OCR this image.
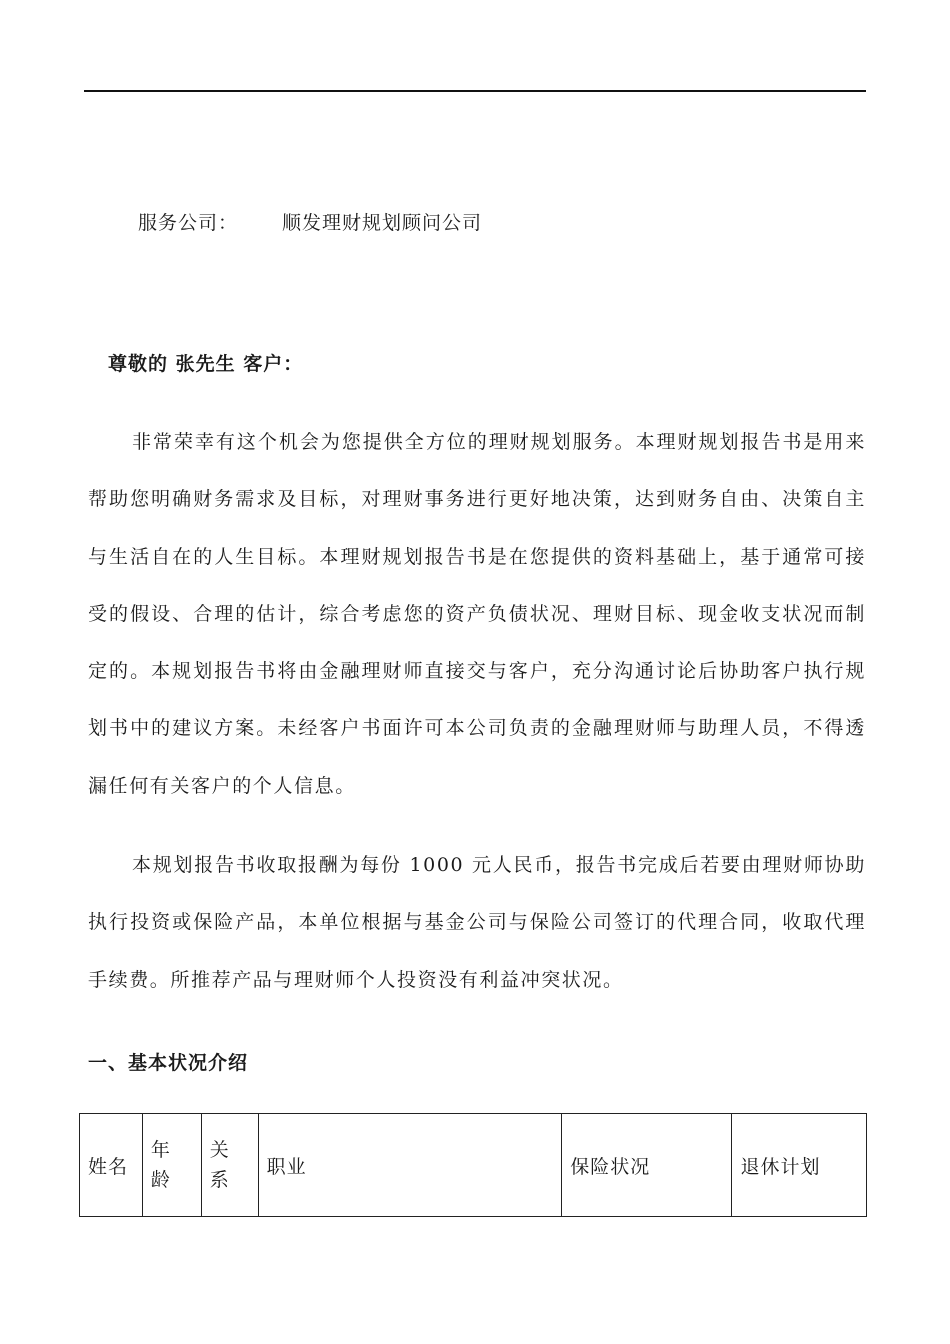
服务公司： 顺发理财规划顾问公司
尊敬的 张先生 客户：

非常荣幸有这个机会为您提供全方位的理财规划服务。本理财规划报告书是用来帮助您明确财务需求及目标，对理财事务进行更好地决策，达到财务自由、决策自主与生活自在的人生目标。本理财规划报告书是在您提供的资料基础上，基于通常可接受的假设、合理的估计，综合考虑您的资产负债状况、理财目标、现金收支状况而制定的。本规划报告书将由金融理财师直接交与客户，充分沟通讨论后协助客户执行规划书中的建议方案。未经客户书面许可本公司负责的金融理财师与助理人员，不得透漏任何有关客户的个人信息。

本规划报告书收取报酬为每份 1000 元人民币，报告书完成后若要由理财师协助执行投资或保险产品，本单位根据与基金公司与保险公司签订的代理合同，收取代理手续费。所推荐产品与理财师个人投资没有利益冲突状况。

一、基本状况介绍
姓名	年龄	关系	职业	保险状况	退休计划
